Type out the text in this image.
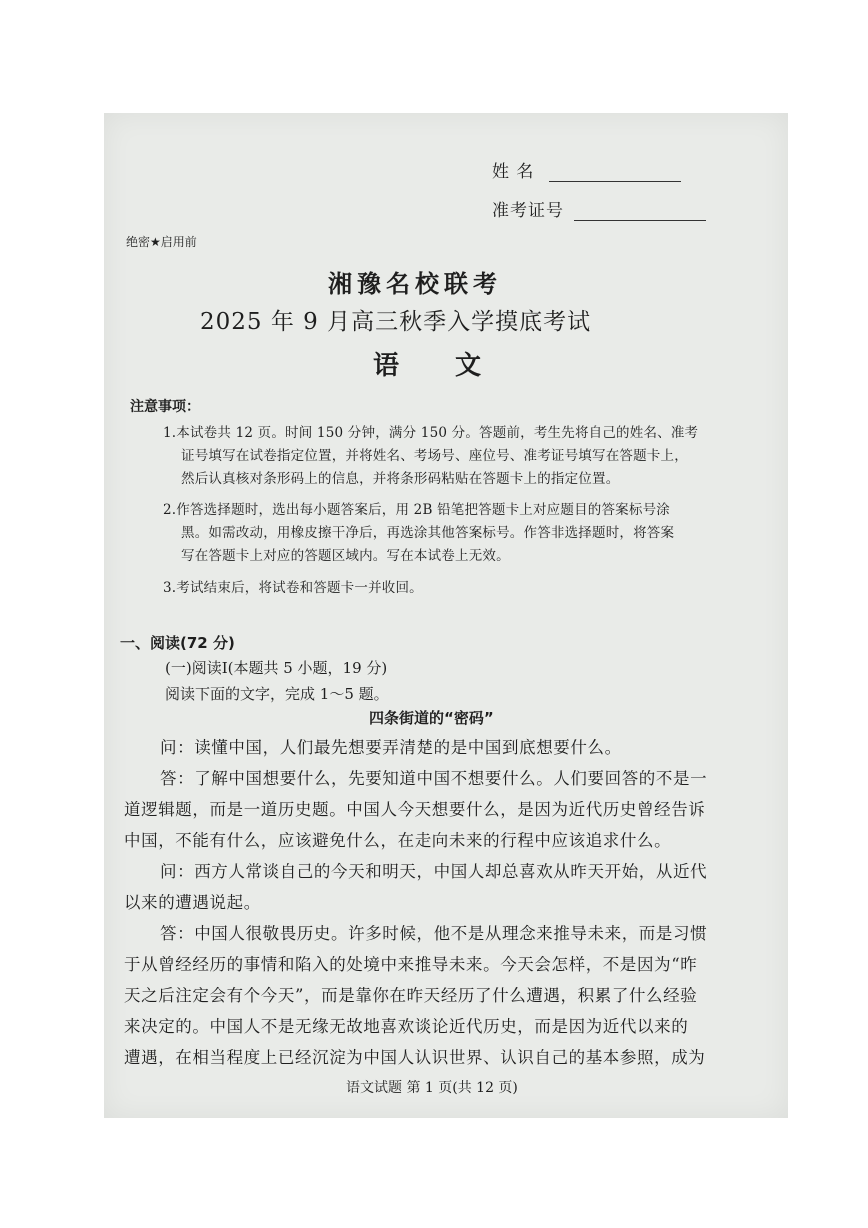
姓 名
准考证号
绝密★启用前
湘豫名校联考
2025 年 9 月高三秋季入学摸底考试
语 文
注意事项：
1.本试卷共 12 页。时间 150 分钟，满分 150 分。答题前，考生先将自己的姓名、准考
证号填写在试卷指定位置，并将姓名、考场号、座位号、准考证号填写在答题卡上，
然后认真核对条形码上的信息，并将条形码粘贴在答题卡上的指定位置。
2.作答选择题时，选出每小题答案后，用 2B 铅笔把答题卡上对应题目的答案标号涂
黑。如需改动，用橡皮擦干净后，再选涂其他答案标号。作答非选择题时，将答案
写在答题卡上对应的答题区域内。写在本试卷上无效。
3.考试结束后，将试卷和答题卡一并收回。
一、阅读(72 分)
(一)阅读Ⅰ(本题共 5 小题，19 分)
阅读下面的文字，完成 1～5 题。
四条街道的“密码”
问：读懂中国，人们最先想要弄清楚的是中国到底想要什么。
答：了解中国想要什么，先要知道中国不想要什么。人们要回答的不是一
道逻辑题，而是一道历史题。中国人今天想要什么，是因为近代历史曾经告诉
中国，不能有什么，应该避免什么，在走向未来的行程中应该追求什么。
问：西方人常谈自己的今天和明天，中国人却总喜欢从昨天开始，从近代
以来的遭遇说起。
答：中国人很敬畏历史。许多时候，他不是从理念来推导未来，而是习惯
于从曾经经历的事情和陷入的处境中来推导未来。今天会怎样，不是因为“昨
天之后注定会有个今天”，而是靠你在昨天经历了什么遭遇，积累了什么经验
来决定的。中国人不是无缘无故地喜欢谈论近代历史，而是因为近代以来的
遭遇，在相当程度上已经沉淀为中国人认识世界、认识自己的基本参照，成为
语文试题 第 1 页(共 12 页)
